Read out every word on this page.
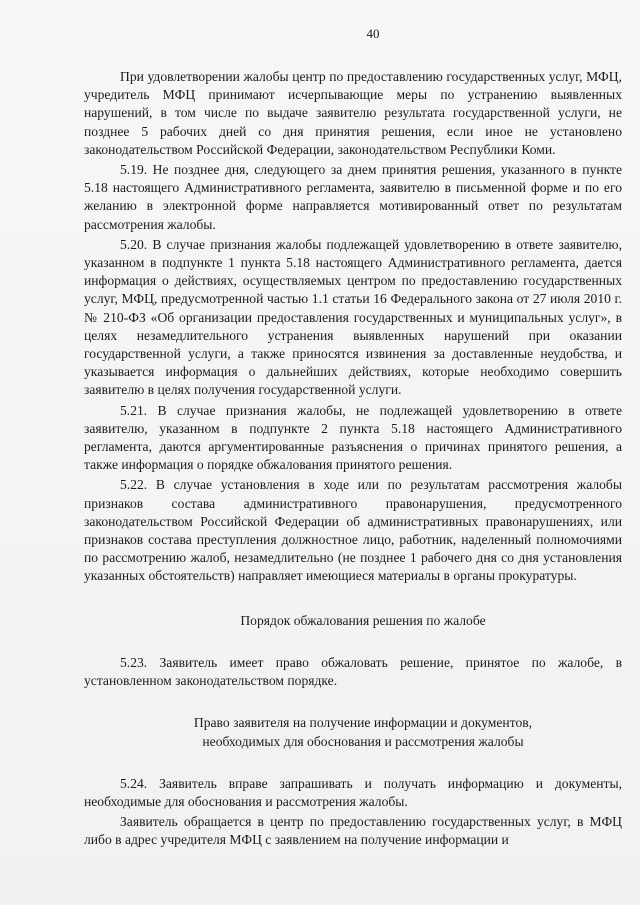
40

При удовлетворении жалобы центр по предоставлению государственных услуг, МФЦ, учредитель МФЦ принимают исчерпывающие меры по устранению выявленных нарушений, в том числе по выдаче заявителю результата государственной услуги, не позднее 5 рабочих дней со дня принятия решения, если иное не установлено законодательством Российской Федерации, законодательством Республики Коми.

5.19. Не позднее дня, следующего за днем принятия решения, указанного в пункте 5.18 настоящего Административного регламента, заявителю в письменной форме и по его желанию в электронной форме направляется мотивированный ответ по результатам рассмотрения жалобы.

5.20. В случае признания жалобы подлежащей удовлетворению в ответе заявителю, указанном в подпункте 1 пункта 5.18 настоящего Административного регламента, дается информация о действиях, осуществляемых центром по предоставлению государственных услуг, МФЦ, предусмотренной частью 1.1 статьи 16 Федерального закона от 27 июля 2010 г. № 210-ФЗ «Об организации предоставления государственных и муниципальных услуг», в целях незамедлительного устранения выявленных нарушений при оказании государственной услуги, а также приносятся извинения за доставленные неудобства, и указывается информация о дальнейших действиях, которые необходимо совершить заявителю в целях получения государственной услуги.

5.21. В случае признания жалобы, не подлежащей удовлетворению в ответе заявителю, указанном в подпункте 2 пункта 5.18 настоящего Административного регламента, даются аргументированные разъяснения о причинах принятого решения, а также информация о порядке обжалования принятого решения.

5.22. В случае установления в ходе или по результатам рассмотрения жалобы признаков состава административного правонарушения, предусмотренного законодательством Российской Федерации об административных правонарушениях, или признаков состава преступления должностное лицо, работник, наделенный полномочиями по рассмотрению жалоб, незамедлительно (не позднее 1 рабочего дня со дня установления указанных обстоятельств) направляет имеющиеся материалы в органы прокуратуры.

Порядок обжалования решения по жалобе

5.23. Заявитель имеет право обжаловать решение, принятое по жалобе, в установленном законодательством порядке.

Право заявителя на получение информации и документов,
необходимых для обоснования и рассмотрения жалобы

5.24. Заявитель вправе запрашивать и получать информацию и документы, необходимые для обоснования и рассмотрения жалобы.

Заявитель обращается в центр по предоставлению государственных услуг, в МФЦ либо в адрес учредителя МФЦ с заявлением на получение информации и
